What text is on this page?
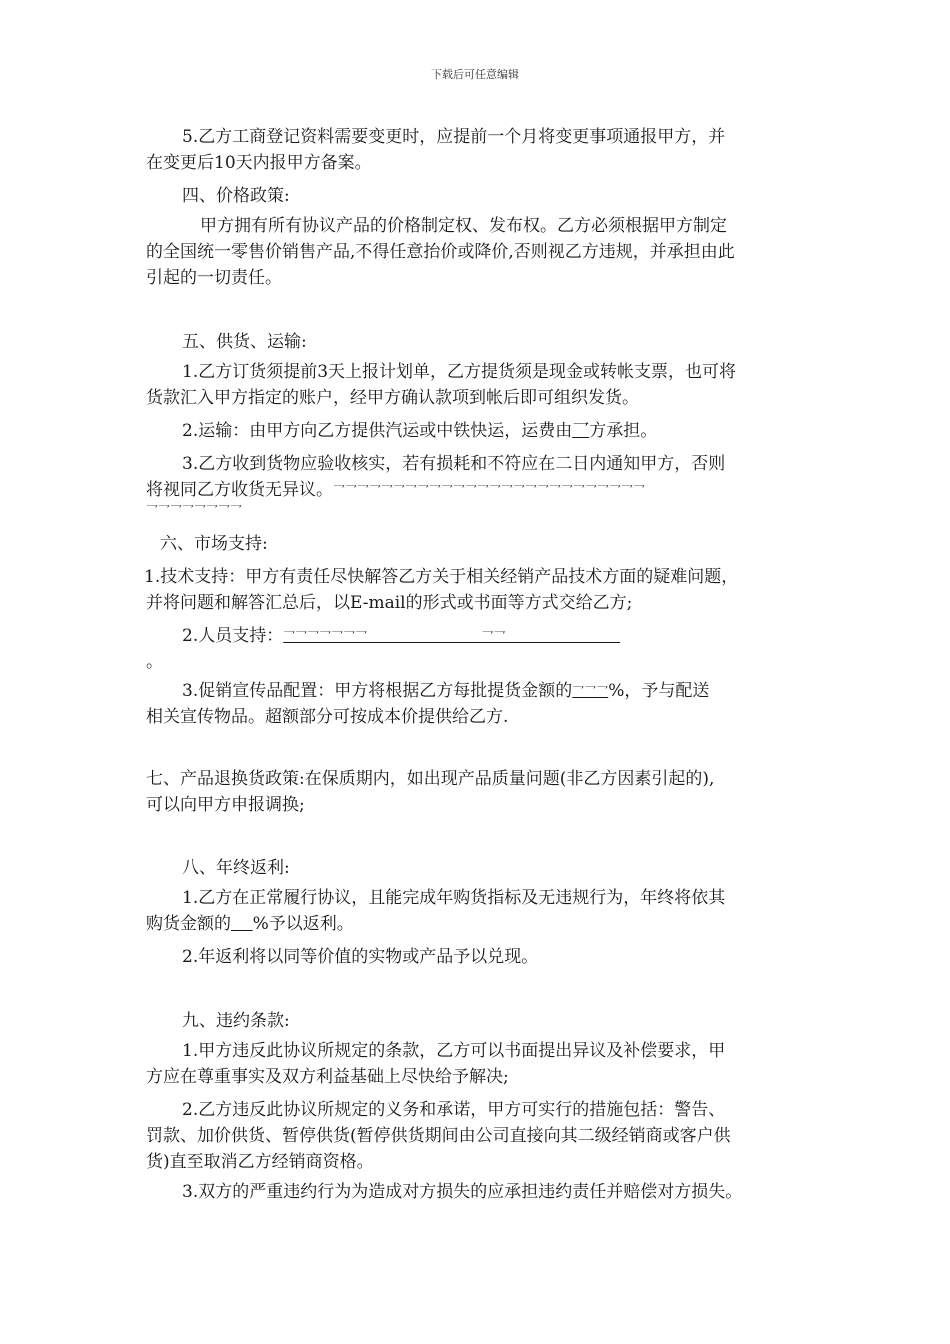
下载后可任意编辑

5.乙方工商登记资料需要变更时，应提前一个月将变更事项通报甲方，并

在变更后10天内报甲方备案。

四、价格政策:

甲方拥有所有协议产品的价格制定权、发布权。乙方必须根据甲方制定

的全国统一零售价销售产品,不得任意抬价或降价,否则视乙方违规，并承担由此

引起的一切责任。

五、供货、运输:

1.乙方订货须提前3天上报计划单，乙方提货须是现金或转帐支票，也可将

货款汇入甲方指定的账户，经甲方确认款项到帐后即可组织发货。

2.运输：由甲方向乙方提供汽运或中铁快运，运费由乛方承担。

3.乙方收到货物应验收核实，若有损耗和不符应在二日内通知甲方，否则

将视同乙方收货无异议。乛乛乛乛乛乛乛乛乛乛乛乛乛乛乛乛乛乛乛乛乛乛乛乛乛乛

乛乛乛乛乛乛乛乛

六、市场支持:

1.技术支持：甲方有责任尽快解答乙方关于相关经销产品技术方面的疑难问题，

并将问题和解答汇总后，以E-mail的形式或书面等方式交给乙方;

2.人员支持：乛乛乛乛乛乛乛                              乛乛

。

3.促销宣传品配置：甲方将根据乙方每批提货金额的乛乛乛%，予与配送

相关宣传物品。超额部分可按成本价提供给乙方.

七、产品退换货政策:在保质期内，如出现产品质量问题(非乙方因素引起的),

可以向甲方申报调换;

八、年终返利:

1.乙方在正常履行协议，且能完成年购货指标及无违规行为，年终将依其

购货金额的 %予以返利。

2.年返利将以同等价值的实物或产品予以兑现。

九、违约条款:

1.甲方违反此协议所规定的条款，乙方可以书面提出异议及补偿要求，甲

方应在尊重事实及双方利益基础上尽快给予解决;

2.乙方违反此协议所规定的义务和承诺，甲方可实行的措施包括：警告、

罚款、加价供货、暂停供货(暂停供货期间由公司直接向其二级经销商或客户供

货)直至取消乙方经销商资格。

3.双方的严重违约行为为造成对方损失的应承担违约责任并赔偿对方损失。
